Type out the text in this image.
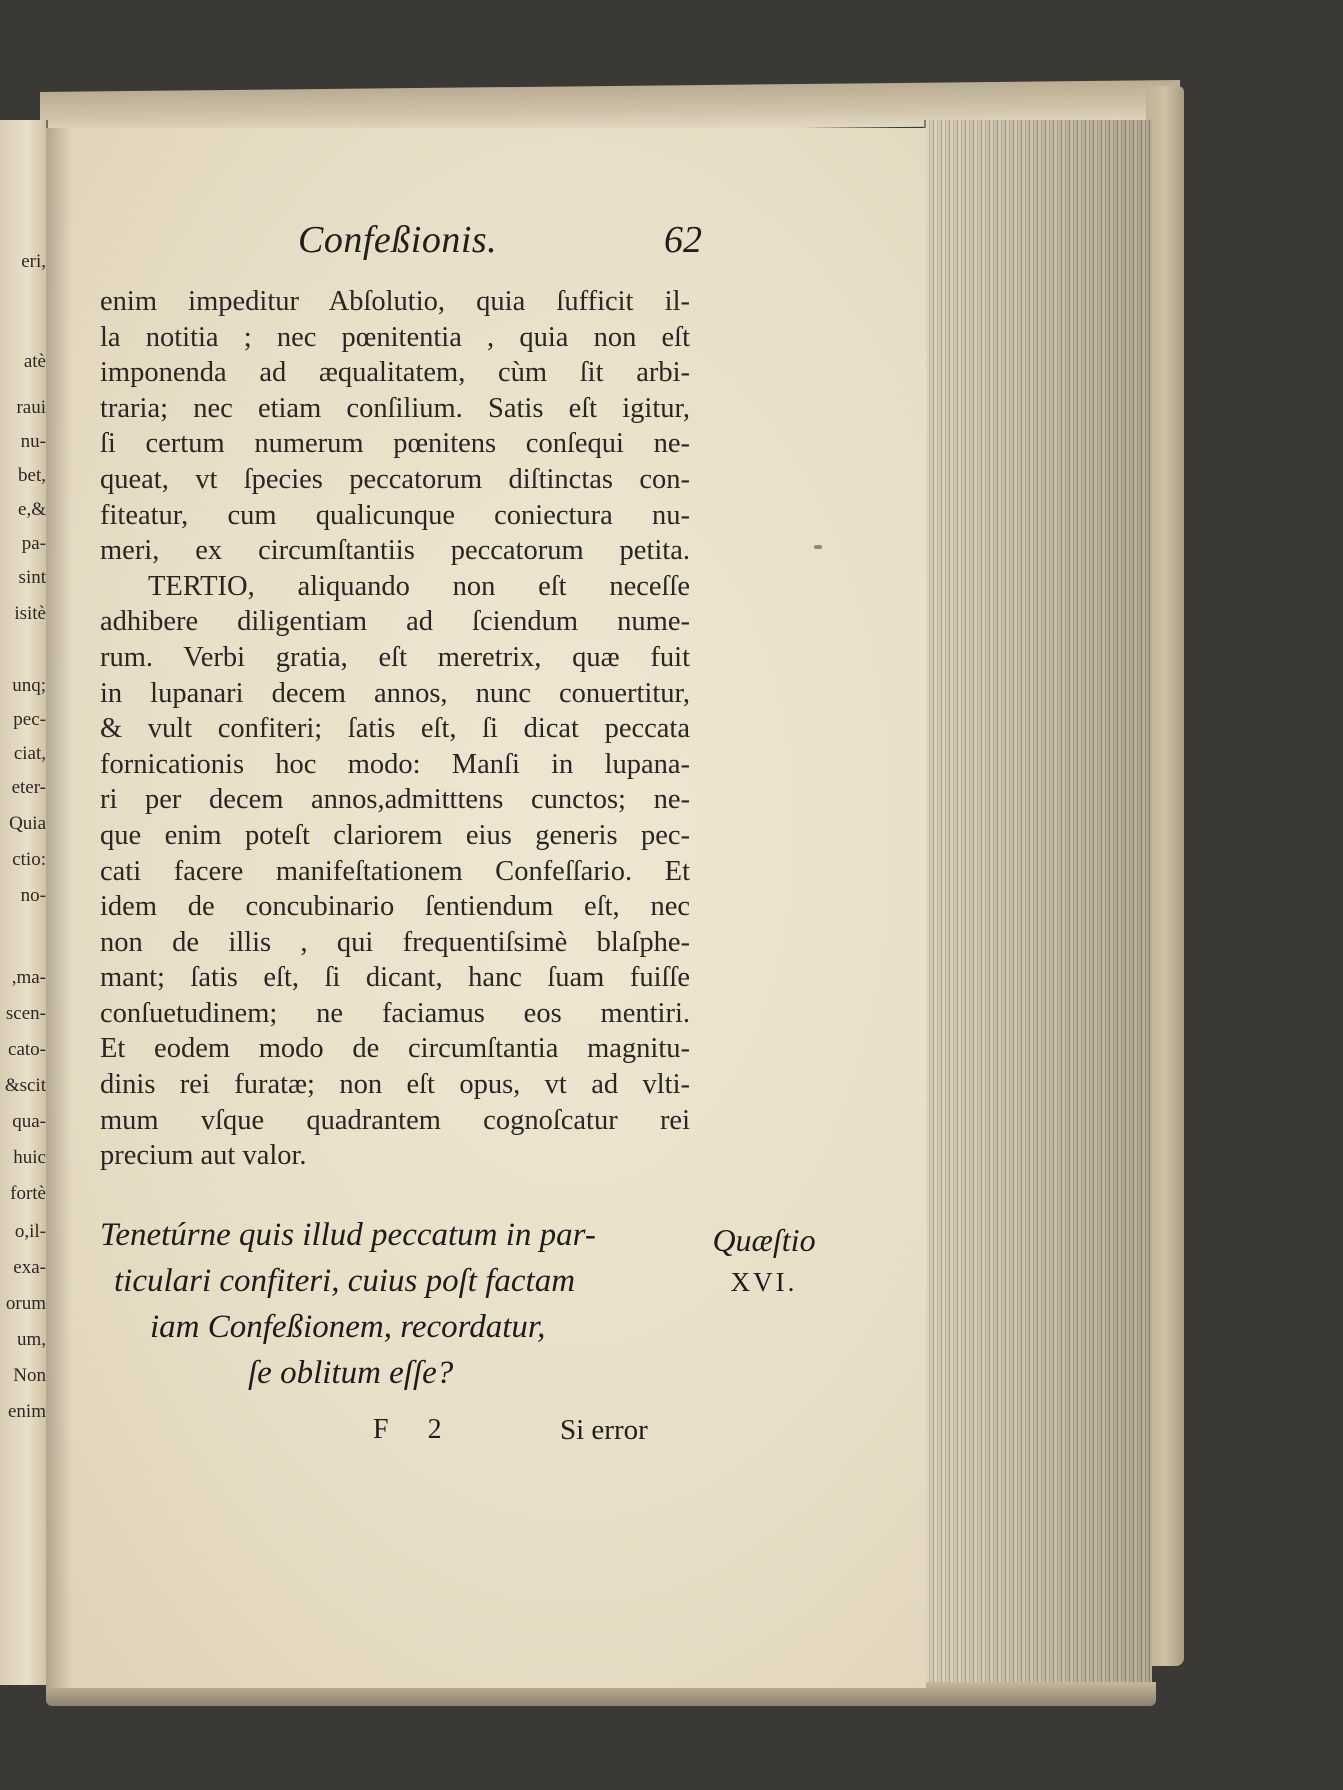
eri,
atè
raui
nu-
bet,
e,&
pa-
sint
isitè
unq;
pec-
ciat,
eter-
Quia
ctio:
no-
,ma-
scen-
cato-
&scit
qua-
huic
fortè
o,il-
exa-
orum
um,
Non
enim
Confeßionis.	62
enim impeditur Abſolutio, quia ſufficit il-
la notitia ; nec pœnitentia , quia non eſt
imponenda ad æqualitatem, cùm ſit arbi-
traria; nec etiam conſilium. Satis eſt igitur,
ſi certum numerum pœnitens conſequi ne-
queat, vt ſpecies peccatorum diſtinctas con-
fiteatur, cum qualicunque coniectura nu-
meri, ex circumſtantiis peccatorum petita.
TERTIO, aliquando non eſt neceſſe
adhibere diligentiam ad ſciendum nume-
rum. Verbi gratia, eſt meretrix, quæ fuit
in lupanari decem annos, nunc conuertitur,
& vult confiteri; ſatis eſt, ſi dicat peccata
fornicationis hoc modo: Manſi in lupana-
ri per decem annos,admitttens cunctos; ne-
que enim poteſt clariorem eius generis pec-
cati facere manifeſtationem Confeſſario. Et
idem de concubinario ſentiendum eſt, nec
non de illis , qui frequentiſsimè blaſphe-
mant; ſatis eſt, ſi dicant, hanc ſuam fuiſſe
conſuetudinem; ne faciamus eos mentiri.
Et eodem modo de circumſtantia magnitu-
dinis rei furatæ; non eſt opus, vt ad vlti-
mum vſque quadrantem cognoſcatur rei
precium aut valor.
Tenetúrne quis illud peccatum in par-
ticulari confiteri, cuius poſt factam
iam Confeßionem, recordatur,
ſe oblitum eſſe?
Quæſtio
XVI.
F 2	Si error
